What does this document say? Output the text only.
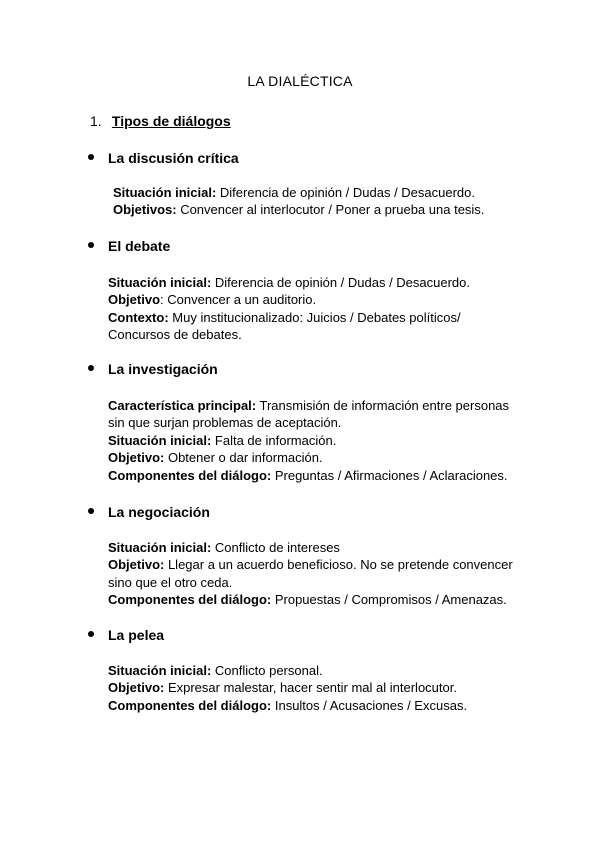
LA DIALÉCTICA
1. Tipos de diálogos
La discusión crítica
Situación inicial: Diferencia de opinión / Dudas / Desacuerdo.
Objetivos: Convencer al interlocutor / Poner a prueba una tesis.
El debate
Situación inicial: Diferencia de opinión / Dudas / Desacuerdo.
Objetivo: Convencer a un auditorio.
Contexto: Muy institucionalizado: Juicios / Debates políticos/
Concursos de debates.
La investigación
Característica principal: Transmisión de información entre personas
sin que surjan problemas de aceptación.
Situación inicial: Falta de información.
Objetivo: Obtener o dar información.
Componentes del diálogo: Preguntas / Afirmaciones / Aclaraciones.
La negociación
Situación inicial: Conflicto de intereses
Objetivo: Llegar a un acuerdo beneficioso. No se pretende convencer
sino que el otro ceda.
Componentes del diálogo: Propuestas / Compromisos / Amenazas.
La pelea
Situación inicial: Conflicto personal.
Objetivo: Expresar malestar, hacer sentir mal al interlocutor.
Componentes del diálogo: Insultos / Acusaciones / Excusas.
